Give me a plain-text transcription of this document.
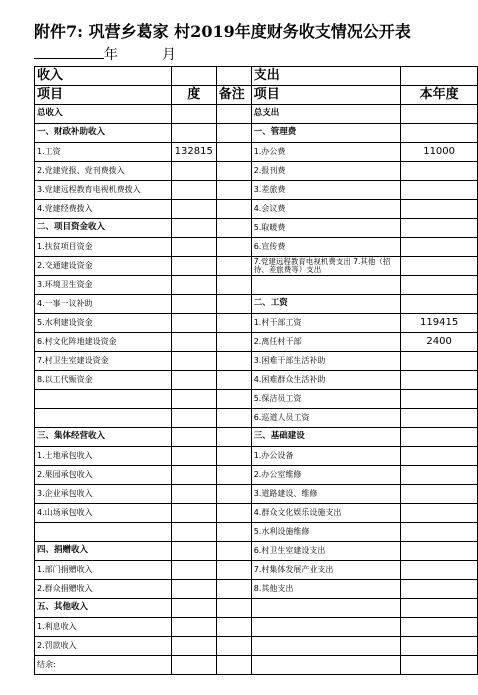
附件7: 巩营乡葛家 村2019年度财务收支情况公开表
年	月
收入			支出	
项目	度	备注	项目	本年度
总收入			总支出	
一、财政补助收入			一、管理费	
1.工资	132815		1.办公费	11000
2.党建党报、党刊费拨入			2.报刊费	
3.党建远程教育电视机费拨入			3.差旅费	
4.党建经费拨入			4.会议费	
二、项目资金收入			5.取暖费	
1.扶贫项目资金			6.宣传费	
2.交通建设资金			7.党建远程教育电视机费支出 7.其他（招待、差旅费等）支出	
3.环境卫生资金				
4.一事一议补助			二、工资	
5.水利建设资金			1.村干部工资	119415
6.村文化阵地建设资金			2.离任村干部	2400
7.村卫生室建设资金			3.困难干部生活补助	
8.以工代赈资金			4.困难群众生活补助	
			5.保洁员工资	
			6.巡道人员工资	
三、集体经营收入			三、基础建设	
1.土地承包收入			1.办公设备	
2.果园承包收入			2.办公室维修	
3.企业承包收入			3.道路建设、维修	
4.山场承包收入			4.群众文化娱乐设施支出	
			5.水利设施维修	
四、捐赠收入			6.村卫生室建设支出	
1.部门捐赠收入			7.村集体发展产业支出	
2.群众捐赠收入			8.其他支出	
五、其他收入				
1.利息收入				
2.罚款收入				
结余:				
